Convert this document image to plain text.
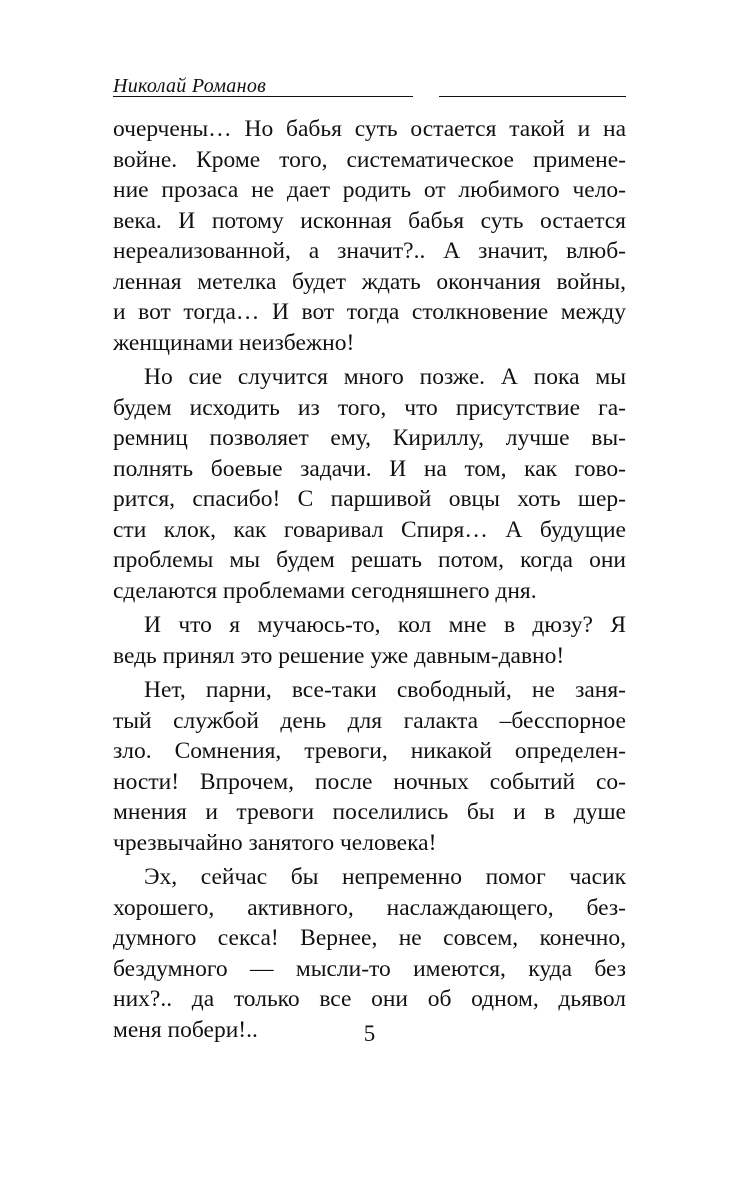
Николай Романов
очерчены… Но бабья суть остается такой и на
войне. Кроме того, систематическое примене-
ние прозаса не дает родить от любимого чело-
века. И потому исконная бабья суть остается
нереализованной, а значит?.. А значит, влюб-
ленная метелка будет ждать окончания войны,
и вот тогда… И вот тогда столкновение между
женщинами неизбежно!
Но сие случится много позже. А пока мы
будем исходить из того, что присутствие га-
ремниц позволяет ему, Кириллу, лучше вы-
полнять боевые задачи. И на том, как гово-
рится, спасибо! С паршивой овцы хоть шер-
сти клок, как говаривал Спиря… А будущие
проблемы мы будем решать потом, когда они
сделаются проблемами сегодняшнего дня.
И что я мучаюсь-то, кол мне в дюзу? Я
ведь принял это решение уже давным-давно!
Нет, парни, все-таки свободный, не заня-
тый службой день для галакта –бесспорное
зло. Сомнения, тревоги, никакой определен-
ности! Впрочем, после ночных событий со-
мнения и тревоги поселились бы и в душе
чрезвычайно занятого человека!
Эх, сейчас бы непременно помог часик
хорошего, активного, наслаждающего, без-
думного секса! Вернее, не совсем, конечно,
бездумного — мысли-то имеются, куда без
них?.. да только все они об одном, дьявол
меня побери!..	5
